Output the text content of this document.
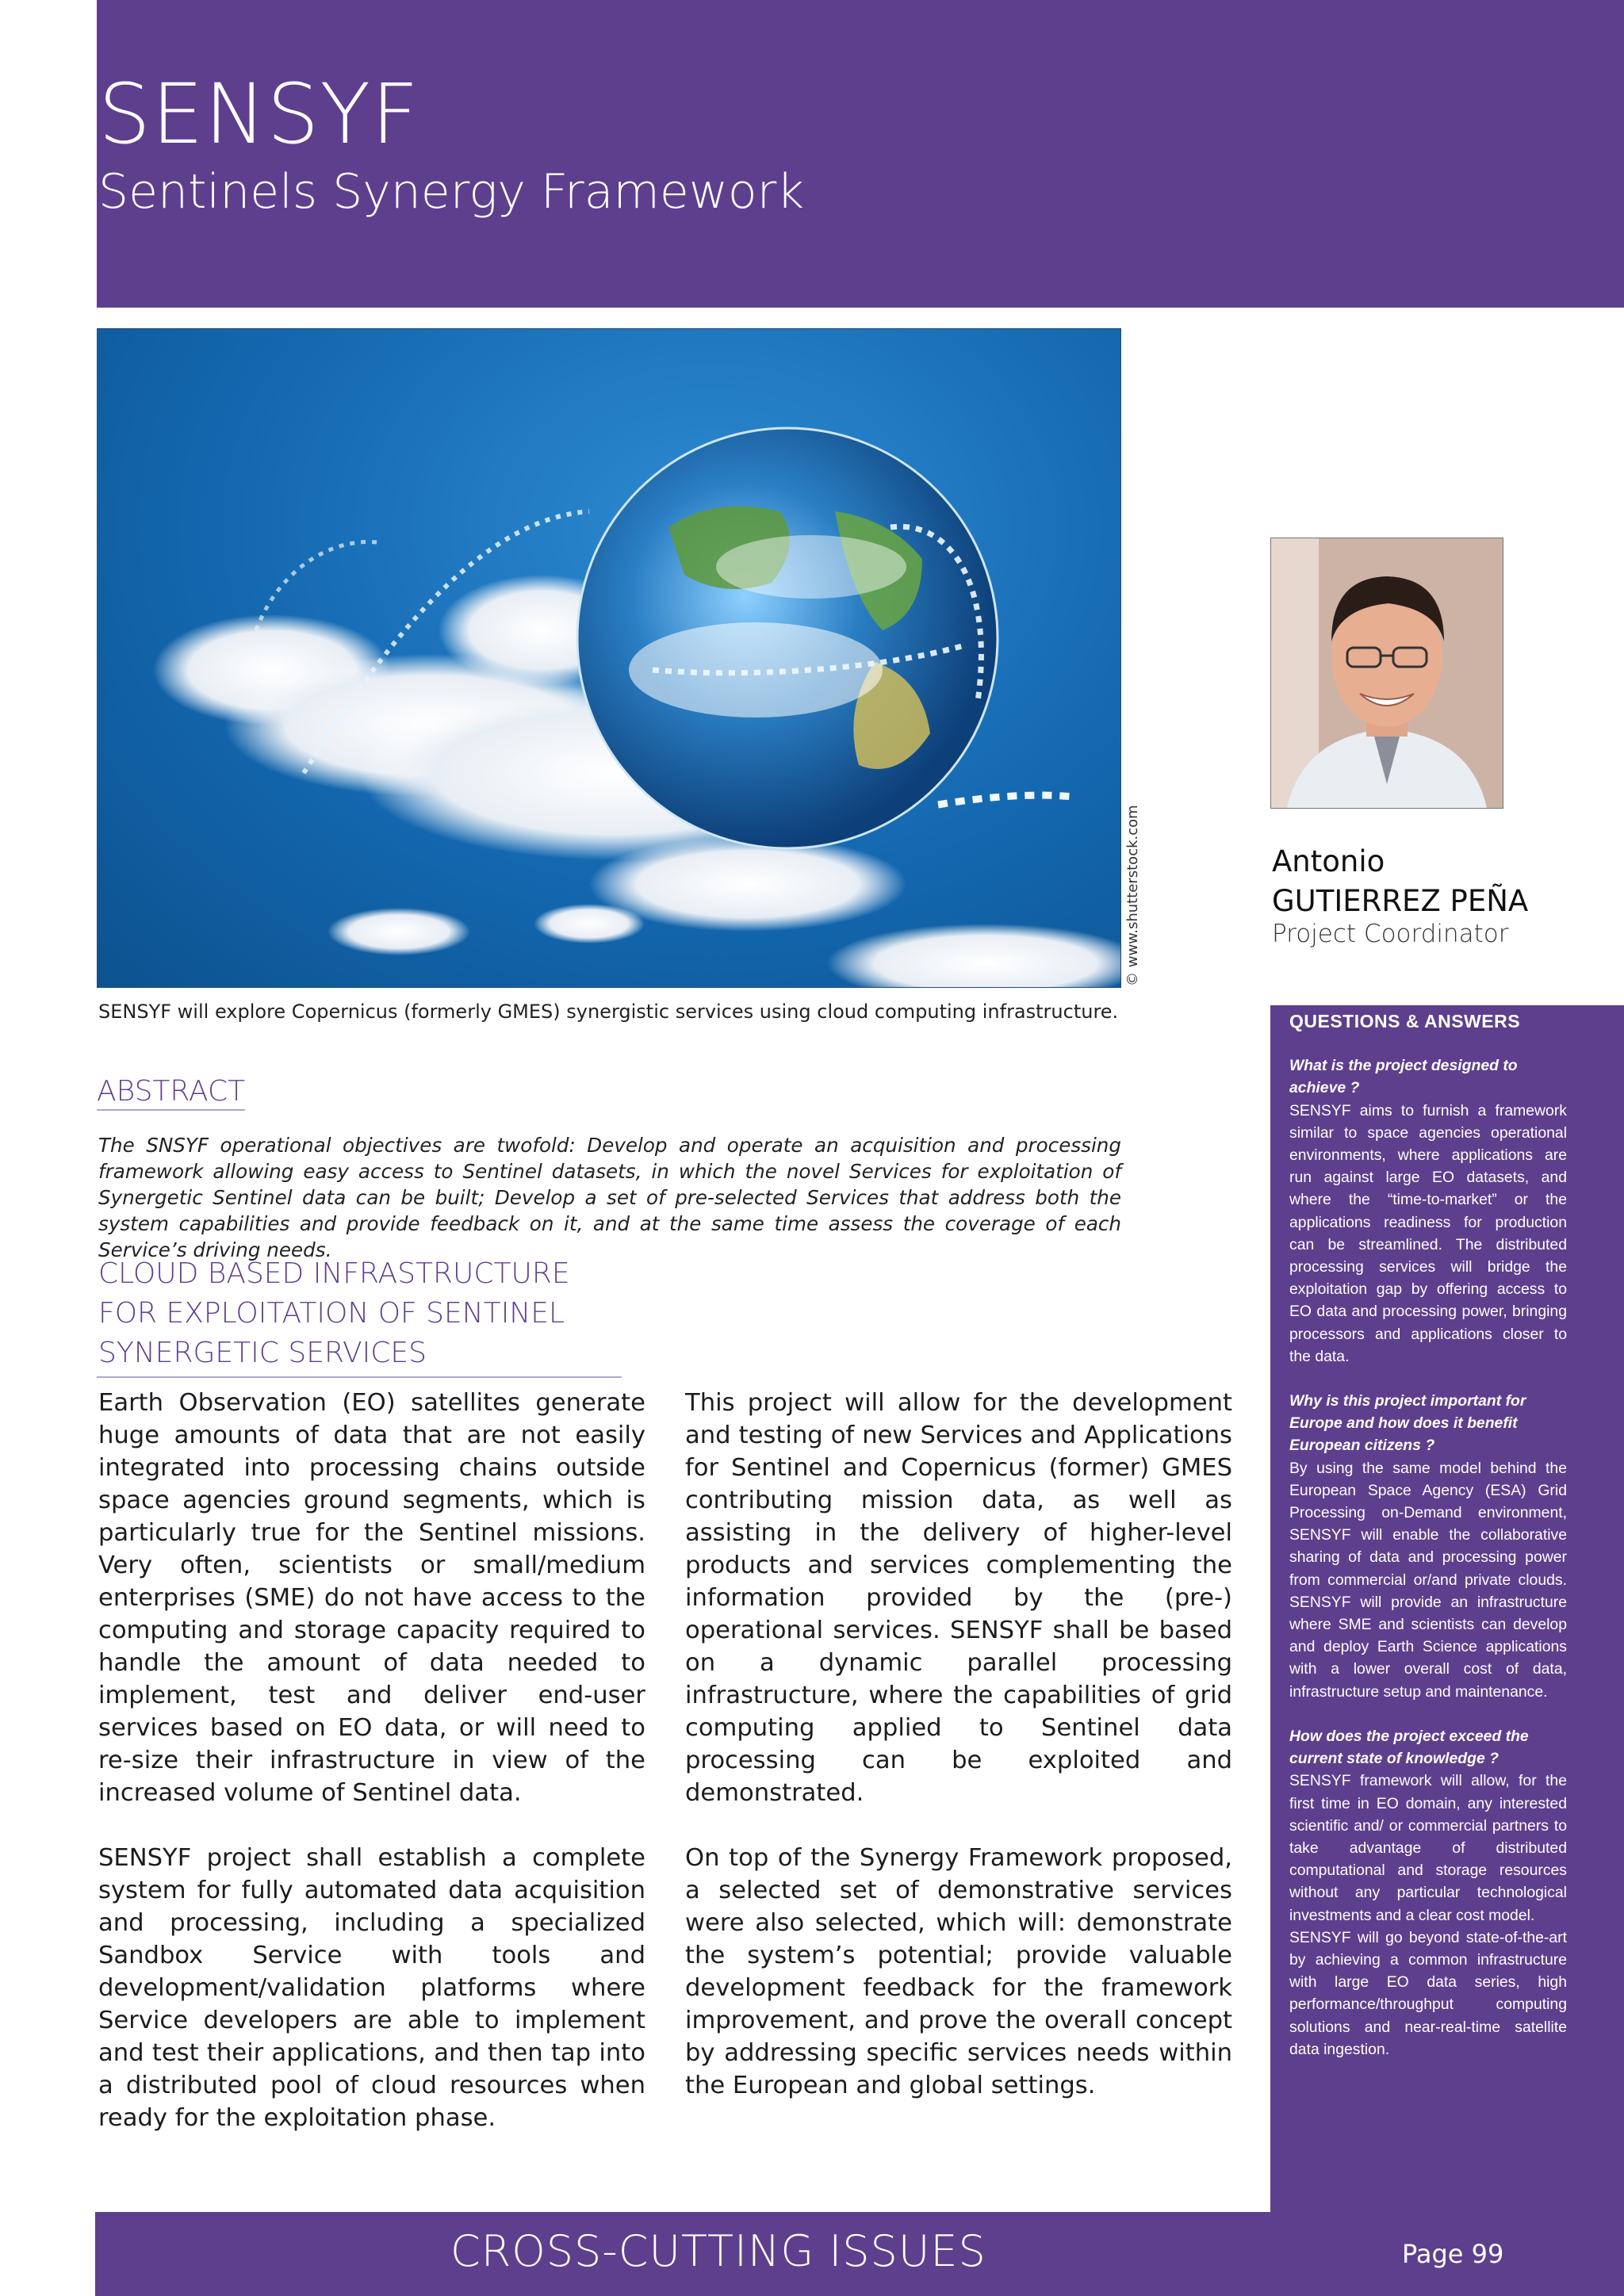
SENSYF
Sentinels Synergy Framework
© www.shutterstock.com
SENSYF will explore Copernicus (formerly GMES) synergistic services using cloud computing infrastructure.
ABSTRACT
The SNSYF operational objectives are twofold: Develop and operate an acquisition and processing framework allowing easy access to Sentinel datasets, in which the novel Services for exploitation of Synergetic Sentinel data can be built; Develop a set of pre-selected Services that address both the system capabilities and provide feedback on it, and at the same time assess the coverage of each Service’s driving needs.
CLOUD BASED INFRASTRUCTURE FOR EXPLOITATION OF SENTINEL SYNERGETIC SERVICES

Earth Observation (EO) satellites generate huge amounts of data that are not easily integrated into processing chains outside space agencies ground segments, which is particularly true for the Sentinel missions. Very often, scientists or small/medium enterprises (SME) do not have access to the computing and storage capacity required to handle the amount of data needed to implement, test and deliver end-user services based on EO data, or will need to re-size their infrastructure in view of the increased volume of Sentinel data.

SENSYF project shall establish a complete system for fully automated data acquisition and processing, including a specialized Sandbox Service with tools and development/validation platforms where Service developers are able to implement and test their applications, and then tap into a distributed pool of cloud resources when ready for the exploitation phase.

This project will allow for the development and testing of new Services and Applications for Sentinel and Copernicus (former) GMES contributing mission data, as well as assisting in the delivery of higher-level products and services complementing the information provided by the (pre-) operational services. SENSYF shall be based on a dynamic parallel processing infrastructure, where the capabilities of grid computing applied to Sentinel data processing can be exploited and demonstrated.

On top of the Synergy Framework proposed, a selected set of demonstrative services were also selected, which will: demonstrate the system’s potential; provide valuable development feedback for the framework improvement, and prove the overall concept by addressing specific services needs within the European and global settings.

Antonio GUTIERREZ PEÑA
Project Coordinator
QUESTIONS & ANSWERS
What is the project designed to achieve ?
SENSYF aims to furnish a framework similar to space agencies operational environments, where applications are run against large EO datasets, and where the “time-to-market” or the applications readiness for production can be streamlined. The distributed processing services will bridge the exploitation gap by offering access to EO data and processing power, bringing processors and applications closer to the data.
Why is this project important for Europe and how does it benefit European citizens ?
By using the same model behind the European Space Agency (ESA) Grid Processing on-Demand environment, SENSYF will enable the collaborative sharing of data and processing power from commercial or/and private clouds. SENSYF will provide an infrastructure where SME and scientists can develop and deploy Earth Science applications with a lower overall cost of data, infrastructure setup and maintenance.
How does the project exceed the current state of knowledge ?
SENSYF framework will allow, for the first time in EO domain, any interested scientific and/ or commercial partners to take advantage of distributed computational and storage resources without any particular technological investments and a clear cost model.
SENSYF will go beyond state-of-the-art by achieving a common infrastructure with large EO data series, high performance/throughput computing solutions and near-real-time satellite data ingestion.
CROSS-CUTTING ISSUES	Page 99
